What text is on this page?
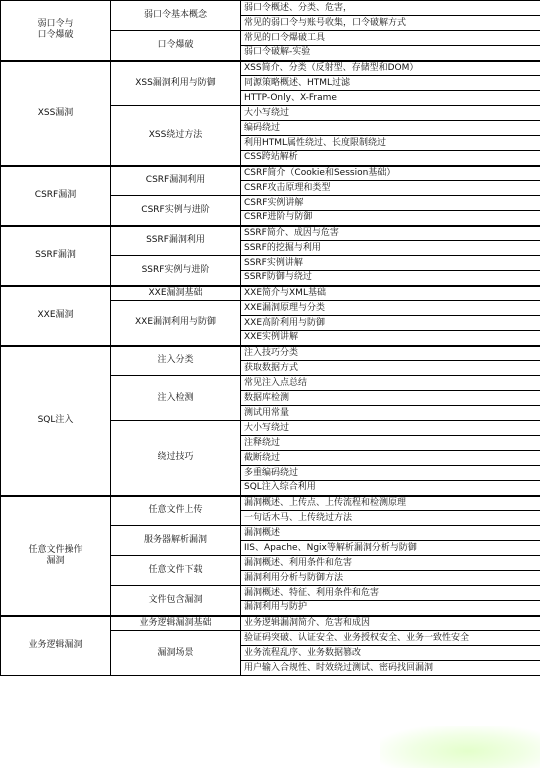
弱口令与
口令爆破	弱口令基本概念	弱口令概述、分类、危害，
		常见的弱口令与账号收集，口令破解方式
	口令爆破	常见的口令爆破工具
		弱口令破解-实验
XSS漏洞	XSS漏洞利用与防御	XSS简介、分类（反射型、存储型和DOM）
		同源策略概述、HTML过滤
		HTTP-Only、X-Frame
	XSS绕过方法	大小写绕过
		编码绕过
		利用HTML属性绕过、长度限制绕过
		CSS跨站解析
CSRF漏洞	CSRF漏洞利用	CSRF简介（Cookie和Session基础）
		CSRF攻击原理和类型
	CSRF实例与进阶	CSRF实例讲解
		CSRF进阶与防御
SSRF漏洞	SSRF漏洞利用	SSRF简介、成因与危害
		SSRF的挖掘与利用
	SSRF实例与进阶	SSRF实例讲解
		SSRF防御与绕过
XXE漏洞	XXE漏洞基础	XXE简介与XML基础
	XXE漏洞利用与防御	XXE漏洞原理与分类
		XXE高阶利用与防御
		XXE实例讲解
SQL注入	注入分类	注入技巧分类
		获取数据方式
	注入检测	常见注入点总结
		数据库检测
		测试用常量
	绕过技巧	大小写绕过
		注释绕过
		截断绕过
		多重编码绕过
		SQL注入综合利用
任意文件操作
漏洞	任意文件上传	漏洞概述、上传点、上传流程和检测原理
		一句话木马、上传绕过方法
	服务器解析漏洞	漏洞概述
		IIS、Apache、Ngix等解析漏洞分析与防御
	任意文件下载	漏洞概述、利用条件和危害
		漏洞利用分析与防御方法
	文件包含漏洞	漏洞概述、特征、利用条件和危害
		漏洞利用与防护
业务逻辑漏洞	业务逻辑漏洞基础	业务逻辑漏洞简介、危害和成因
	漏洞场景	验证码突破、认证安全、业务授权安全、业务一致性安全
		业务流程乱序、业务数据篡改
		用户输入合规性、时效绕过测试、密码找回漏洞
